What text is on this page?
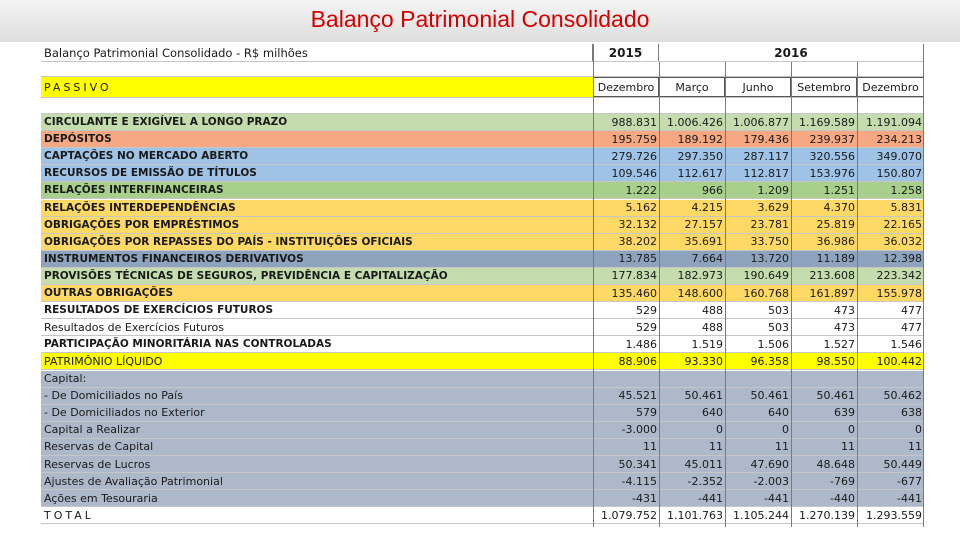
Balanço Patrimonial Consolidado
Balanço Patrimonial Consolidado - R$ milhões	2015	2016
PASSIVO	Dezembro	Março	Junho	Setembro	Dezembro
CIRCULANTE E EXIGÍVEL A LONGO PRAZO	988.831 1.006.426 1.006.877 1.169.589	1.191.094
DEPÓSITOS	195.759	189.192	179.436	239.937	234.213
CAPTAÇÕES NO MERCADO ABERTO	279.726	297.350	287.117	320.556	349.070
RECURSOS DE EMISSÃO DE TÍTULOS	109.546	112.617	112.817	153.976	150.807
RELAÇÕES INTERFINANCEIRAS	1.222	966	1.209	1.251	1.258
RELAÇÕES INTERDEPENDÊNCIAS	5.162	4.215	3.629	4.370	5.831
OBRIGAÇÕES POR EMPRÉSTIMOS	32.132	27.157	23.781	25.819	22.165
OBRIGAÇÕES POR REPASSES DO PAÍS - INSTITUIÇÕES OFICIAIS	38.202	35.691	33.750	36.986	36.032
INSTRUMENTOS FINANCEIROS DERIVATIVOS	13.785	7.664	13.720	11.189	12.398
PROVISÕES TÉCNICAS DE SEGUROS, PREVIDÊNCIA E CAPITALIZAÇÃO	177.834	182.973	190.649	213.608	223.342
OUTRAS OBRIGAÇÕES	135.460	148.600	160.768	161.897	155.978
RESULTADOS DE EXERCÍCIOS FUTUROS	529	488	503	473	477
Resultados de Exercícios Futuros	529	488	503	473	477
PARTICIPAÇÃO MINORITÁRIA NAS CONTROLADAS	1.486	1.519	1.506	1.527	1.546
PATRIMÔNIO LÍQUIDO	88.906	93.330	96.358	98.550	100.442
Capital:
- De Domiciliados no País	45.521	50.461	50.461	50.461	50.462
- De Domiciliados no Exterior	579	640	640	639	638
Capital a Realizar	-3.000	0	0	0	0
Reservas de Capital	11	11	11	11	11
Reservas de Lucros	50.341	45.011	47.690	48.648	50.449
Ajustes de Avaliação Patrimonial	-4.115	-2.352	-2.003	-769	-677
Ações em Tesouraria	-431	-441	-441	-440	-441
TOTAL	1.079.752 1.101.763 1.105.244 1.270.139	1.293.559
